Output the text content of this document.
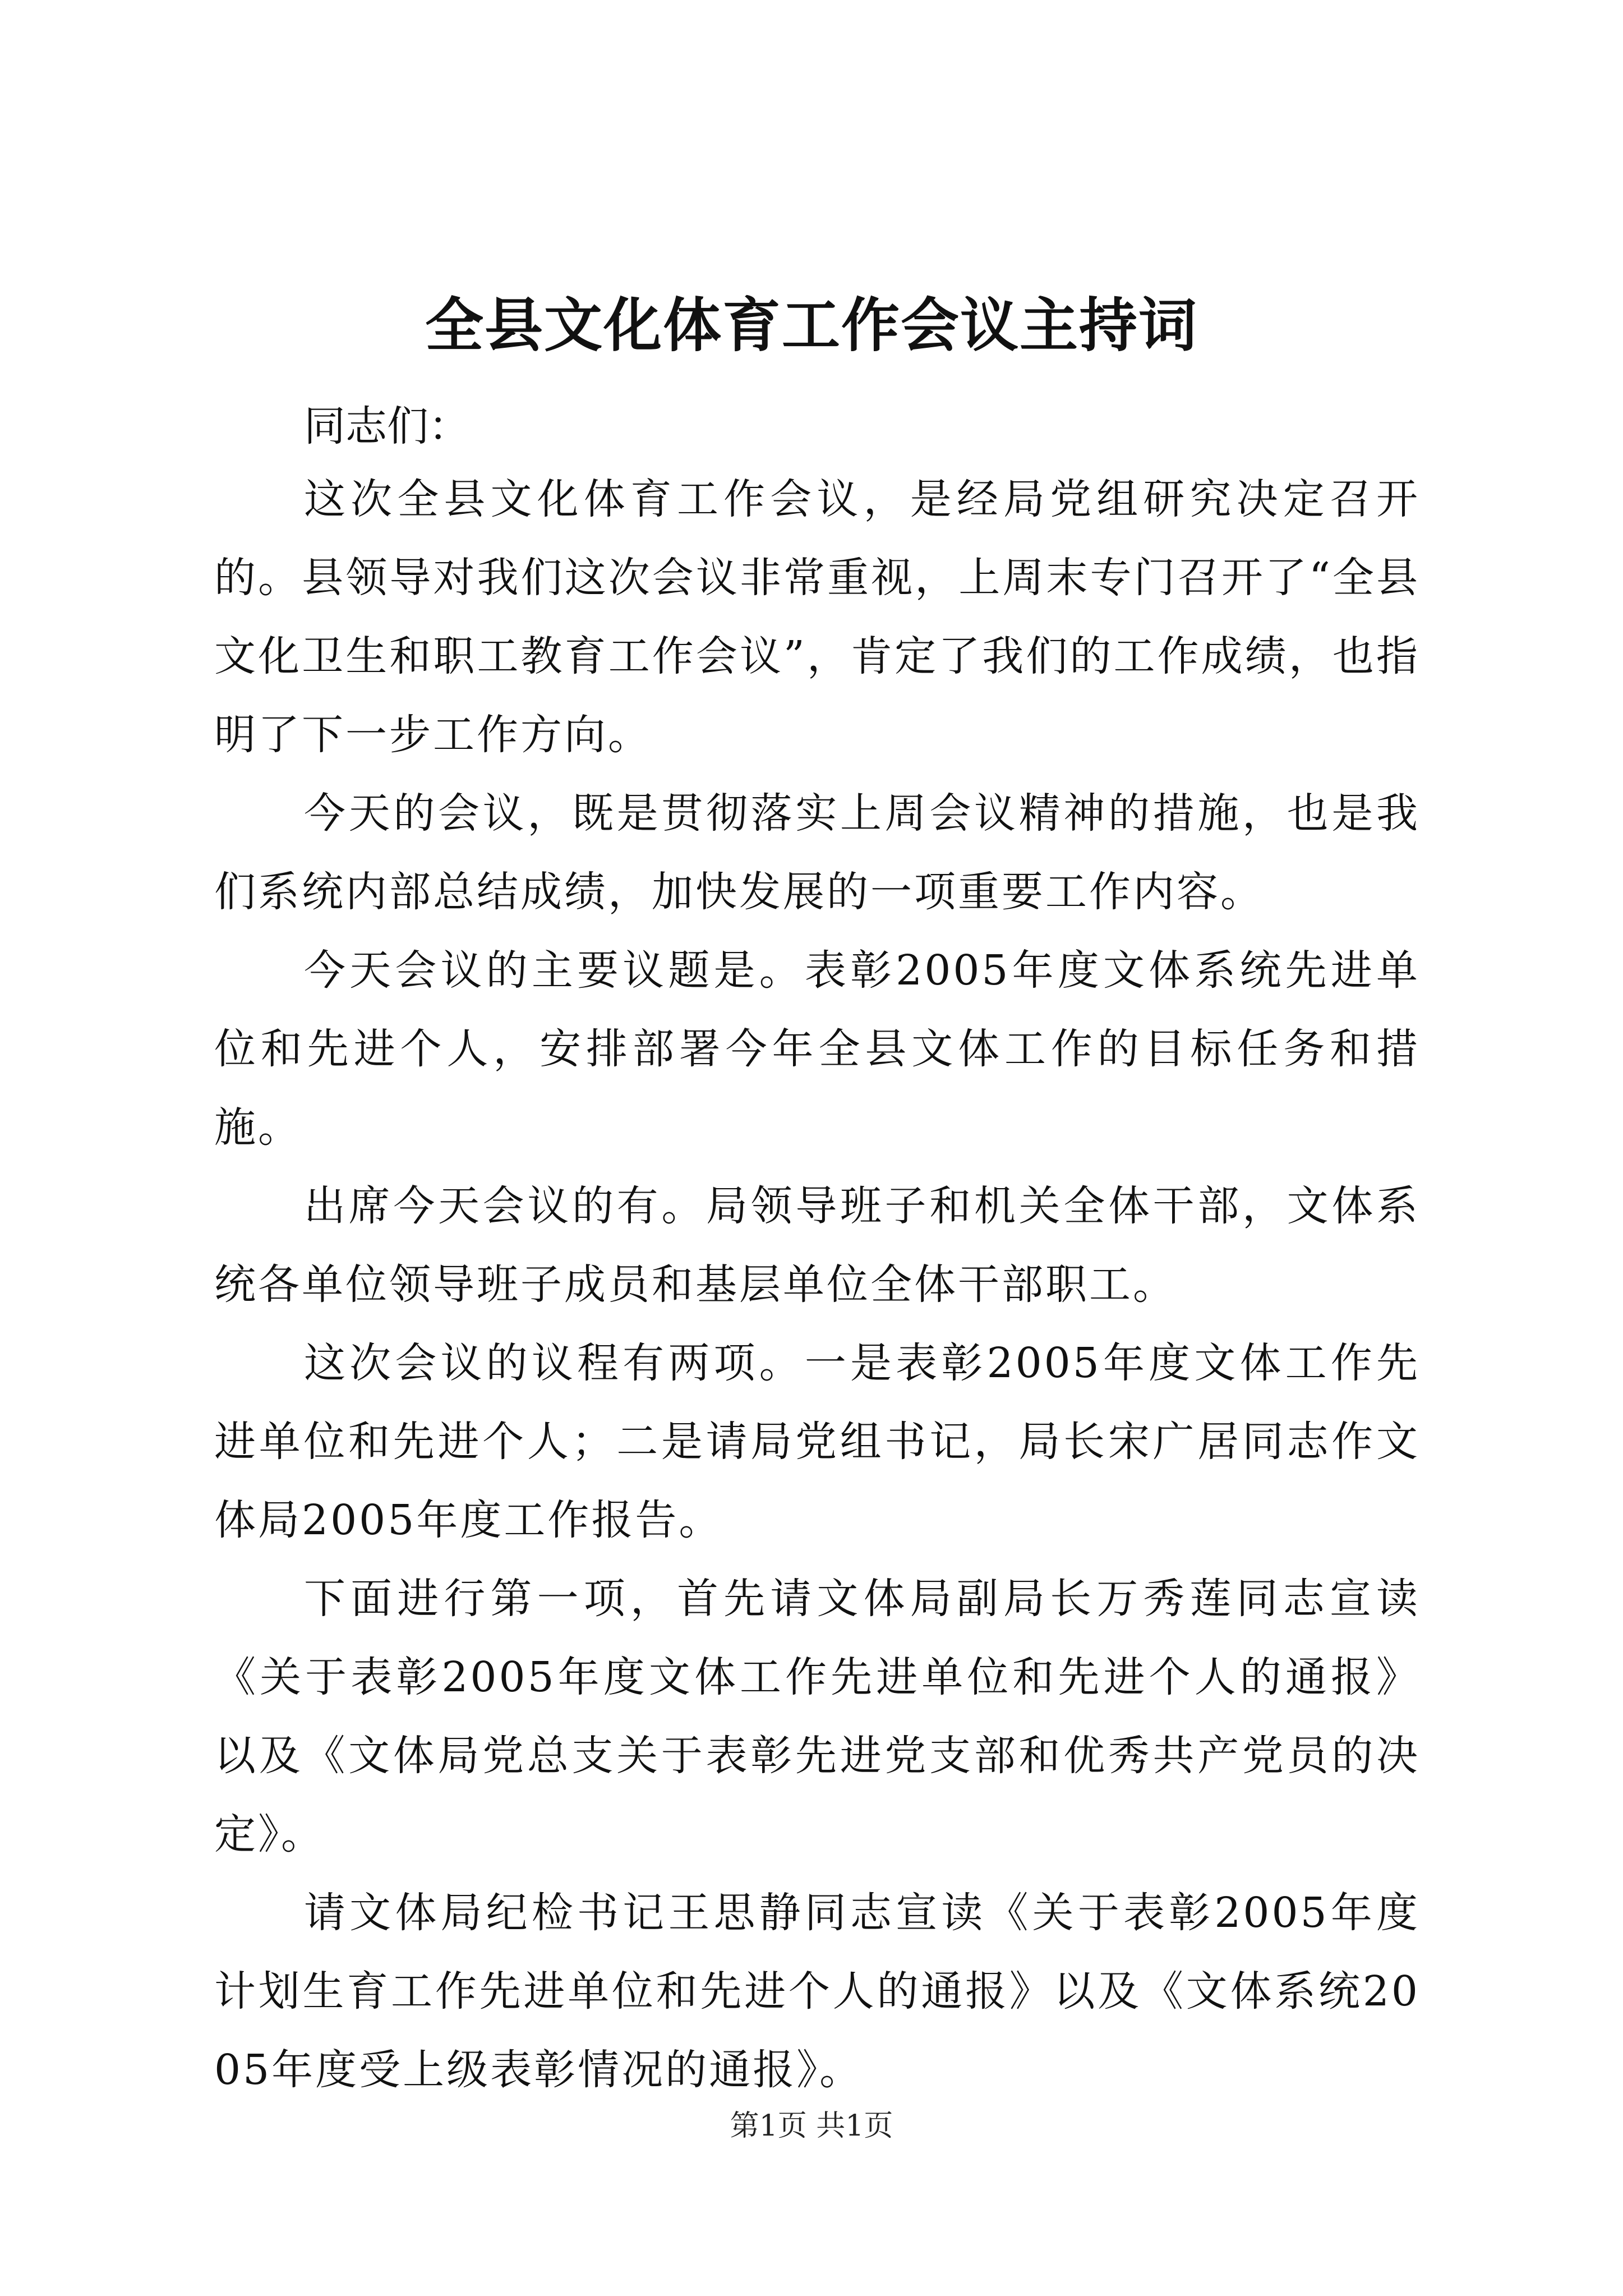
全县文化体育工作会议主持词

同志们：

这次全县文化体育工作会议，是经局党组研究决定召开的。县领导对我们这次会议非常重视，上周末专门召开了“全县文化卫生和职工教育工作会议”，肯定了我们的工作成绩，也指明了下一步工作方向。

今天的会议，既是贯彻落实上周会议精神的措施，也是我们系统内部总结成绩，加快发展的一项重要工作内容。

今天会议的主要议题是。表彰2005年度文体系统先进单位和先进个人，安排部署今年全县文体工作的目标任务和措施。

出席今天会议的有。局领导班子和机关全体干部，文体系统各单位领导班子成员和基层单位全体干部职工。

这次会议的议程有两项。一是表彰2005年度文体工作先进单位和先进个人；二是请局党组书记，局长宋广居同志作文体局2005年度工作报告。

下面进行第一项，首先请文体局副局长万秀莲同志宣读《关于表彰2005年度文体工作先进单位和先进个人的通报》以及《文体局党总支关于表彰先进党支部和优秀共产党员的决定》。

请文体局纪检书记王思静同志宣读《关于表彰2005年度计划生育工作先进单位和先进个人的通报》以及《文体系统2005年度受上级表彰情况的通报》。

第1页 共1页
